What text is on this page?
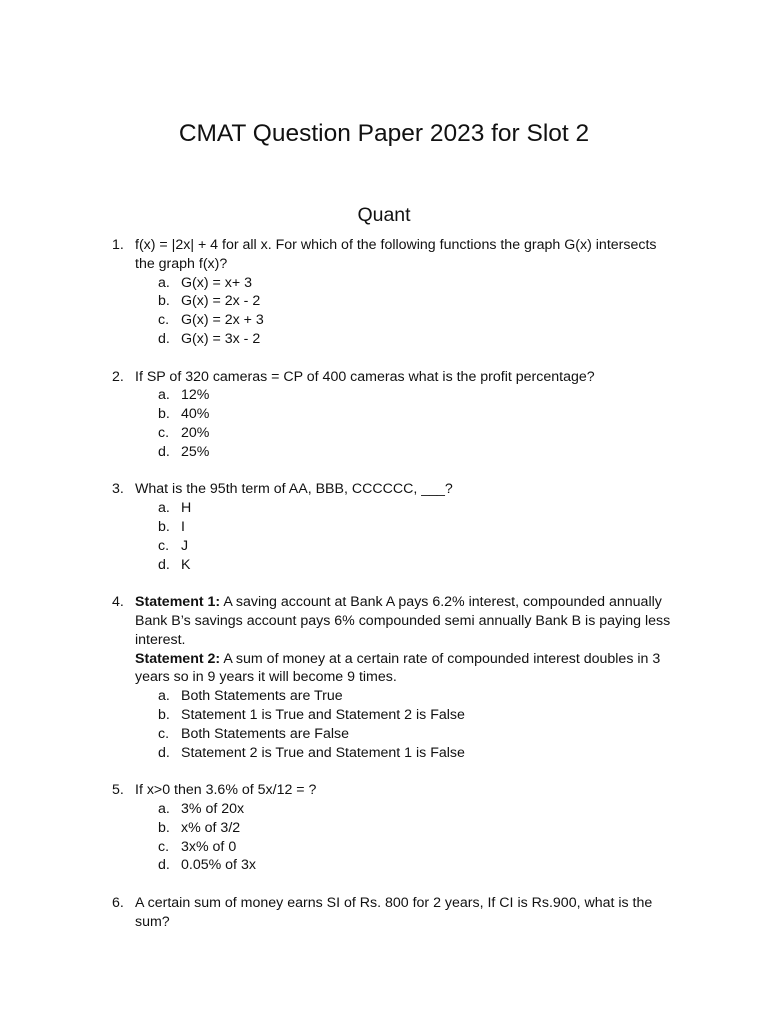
CMAT Question Paper 2023 for Slot 2
Quant
1. f(x) = |2x| + 4 for all x. For which of the following functions the graph G(x) intersects the graph f(x)?
a. G(x) = x+ 3
b. G(x) = 2x - 2
c. G(x) = 2x + 3
d. G(x) = 3x - 2
2. If SP of 320 cameras = CP of 400 cameras what is the profit percentage?
a. 12%
b. 40%
c. 20%
d. 25%
3. What is the 95th term of AA, BBB, CCCCCC, ___?
a. H
b. I
c. J
d. K
4. Statement 1: A saving account at Bank A pays 6.2% interest, compounded annually Bank B’s savings account pays 6% compounded semi annually Bank B is paying less interest.
Statement 2: A sum of money at a certain rate of compounded interest doubles in 3 years so in 9 years it will become 9 times.
a. Both Statements are True
b. Statement 1 is True and Statement 2 is False
c. Both Statements are False
d. Statement 2 is True and Statement 1 is False
5. If x>0 then 3.6% of 5x/12 = ?
a. 3% of 20x
b. x% of 3/2
c. 3x% of 0
d. 0.05% of 3x
6. A certain sum of money earns SI of Rs. 800 for 2 years, If CI is Rs.900, what is the sum?
